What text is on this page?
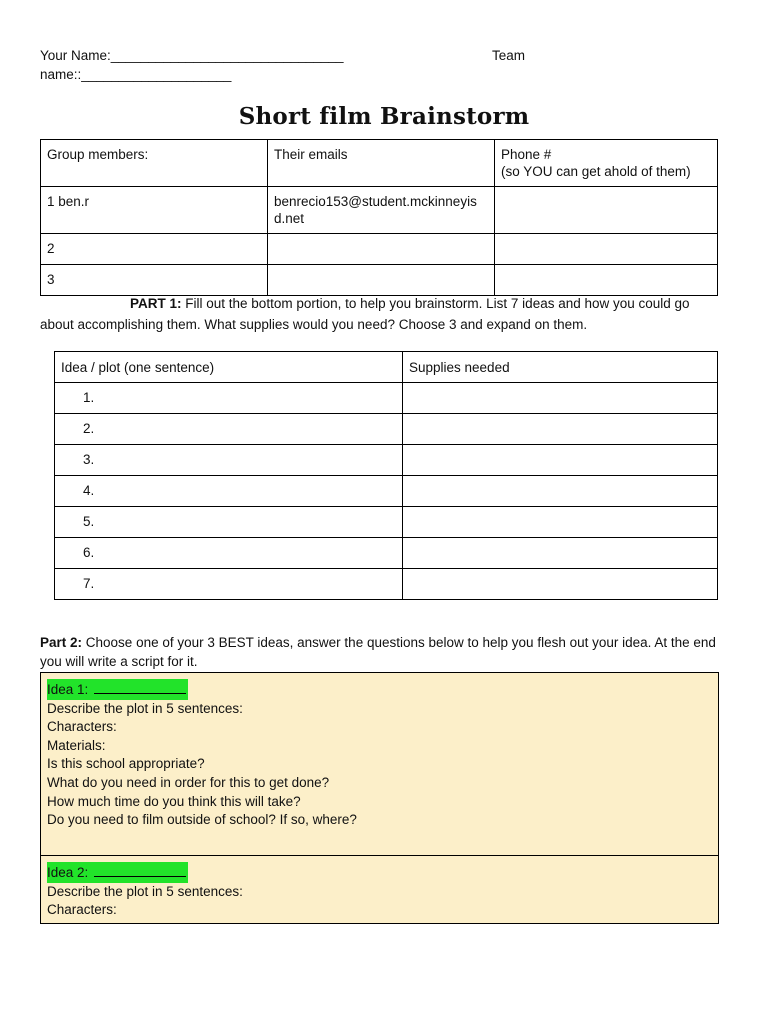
Your Name:_______________________________	Team
name::____________________
Short film Brainstorm
Group members:	Their emails	Phone #
(so YOU can get ahold of them)

1 ben.r	benrecio153@student.mckinneyisd.net	

2		

3		

PART 1: Fill out the bottom portion, to help you brainstorm. List 7 ideas and how you could go about accomplishing them. What supplies would you need? Choose 3 and expand on them.
Idea / plot (one sentence)	Supplies needed

1.	

2.	

3.	

4.	

5.	

6.	

7.	

Part 2: Choose one of your 3 BEST ideas, answer the questions below to help you flesh out your idea. At the end you will write a script for it.
Idea 1:
Describe the plot in 5 sentences:
Characters:
Materials:
Is this school appropriate?
What do you need in order for this to get done?
How much time do you think this will take?
Do you need to film outside of school? If so, where?
Idea 2:
Describe the plot in 5 sentences:
Characters:
